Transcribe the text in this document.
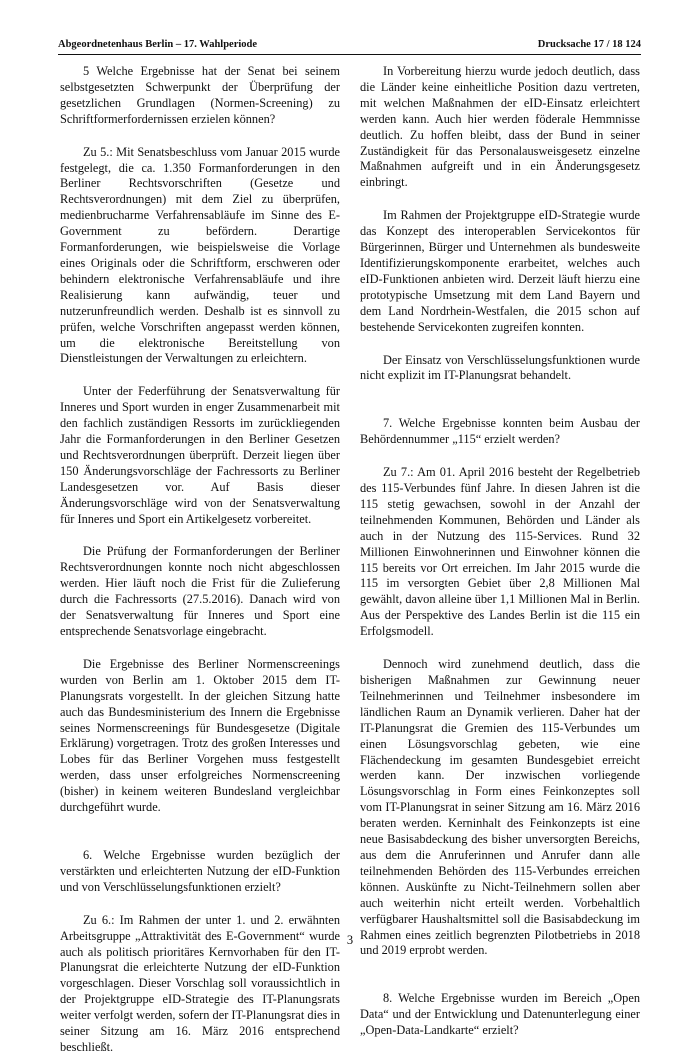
Abgeordnetenhaus Berlin – 17. Wahlperiode	Drucksache 17 / 18 124

5 Welche Ergebnisse hat der Senat bei seinem selbstgesetzten Schwerpunkt der Überprüfung der gesetzlichen Grundlagen (Normen-Screening) zu Schriftformerfordernissen erzielen können?

Zu 5.: Mit Senatsbeschluss vom Januar 2015 wurde festgelegt, die ca. 1.350 Formanforderungen in den Berliner Rechtsvorschriften (Gesetze und Rechtsverordnungen) mit dem Ziel zu überprüfen, medienbrucharme Verfahrensabläufe im Sinne des E-Government zu befördern. Derartige Formanforderungen, wie beispielsweise die Vorlage eines Originals oder die Schriftform, erschweren oder behindern elektronische Verfahrensabläufe und ihre Realisierung kann aufwändig, teuer und nutzerunfreundlich werden. Deshalb ist es sinnvoll zu prüfen, welche Vorschriften angepasst werden können, um die elektronische Bereitstellung von Dienstleistungen der Verwaltungen zu erleichtern.

Unter der Federführung der Senatsverwaltung für Inneres und Sport wurden in enger Zusammenarbeit mit den fachlich zuständigen Ressorts im zurückliegenden Jahr die Formanforderungen in den Berliner Gesetzen und Rechtsverordnungen überprüft. Derzeit liegen über 150 Änderungsvorschläge der Fachressorts zu Berliner Landesgesetzen vor. Auf Basis dieser Änderungsvorschläge wird von der Senatsverwaltung für Inneres und Sport ein Artikelgesetz vorbereitet.

Die Prüfung der Formanforderungen der Berliner Rechtsverordnungen konnte noch nicht abgeschlossen werden. Hier läuft noch die Frist für die Zulieferung durch die Fachressorts (27.5.2016). Danach wird von der Senatsverwaltung für Inneres und Sport eine entsprechende Senatsvorlage eingebracht.

Die Ergebnisse des Berliner Normenscreenings wurden von Berlin am 1. Oktober 2015 dem IT-Planungsrats vorgestellt. In der gleichen Sitzung hatte auch das Bundesministerium des Innern die Ergebnisse seines Normenscreenings für Bundesgesetze (Digitale Erklärung) vorgetragen. Trotz des großen Interesses und Lobes für das Berliner Vorgehen muss festgestellt werden, dass unser erfolgreiches Normenscreening (bisher) in keinem weiteren Bundesland vergleichbar durchgeführt wurde.

6. Welche Ergebnisse wurden bezüglich der verstärkten und erleichterten Nutzung der eID-Funktion und von Verschlüsselungsfunktionen erzielt?

Zu 6.: Im Rahmen der unter 1. und 2. erwähnten Arbeitsgruppe „Attraktivität des E-Government“ wurde auch als politisch prioritäres Kernvorhaben für den IT-Planungsrat die erleichterte Nutzung der eID-Funktion vorgeschlagen. Dieser Vorschlag soll voraussichtlich in der Projektgruppe eID-Strategie des IT-Planungsrats weiter verfolgt werden, sofern der IT-Planungsrat dies in seiner Sitzung am 16. März 2016 entsprechend beschließt.

In Vorbereitung hierzu wurde jedoch deutlich, dass die Länder keine einheitliche Position dazu vertreten, mit welchen Maßnahmen der eID-Einsatz erleichtert werden kann. Auch hier werden föderale Hemmnisse deutlich. Zu hoffen bleibt, dass der Bund in seiner Zuständigkeit für das Personalausweisgesetz einzelne Maßnahmen aufgreift und in ein Änderungsgesetz einbringt.

Im Rahmen der Projektgruppe eID-Strategie wurde das Konzept des interoperablen Servicekontos für Bürgerinnen, Bürger und Unternehmen als bundesweite Identifizierungskomponente erarbeitet, welches auch eID-Funktionen anbieten wird. Derzeit läuft hierzu eine prototypische Umsetzung mit dem Land Bayern und dem Land Nordrhein-Westfalen, die 2015 schon auf bestehende Servicekonten zugreifen konnten.

Der Einsatz von Verschlüsselungsfunktionen wurde nicht explizit im IT-Planungsrat behandelt.

7. Welche Ergebnisse konnten beim Ausbau der Behördennummer „115“ erzielt werden?

Zu 7.: Am 01. April 2016 besteht der Regelbetrieb des 115-Verbundes fünf Jahre. In diesen Jahren ist die 115 stetig gewachsen, sowohl in der Anzahl der teilnehmenden Kommunen, Behörden und Länder als auch in der Nutzung des 115-Services. Rund 32 Millionen Einwohnerinnen und Einwohner können die 115 bereits vor Ort erreichen. Im Jahr 2015 wurde die 115 im versorgten Gebiet über 2,8 Millionen Mal gewählt, davon alleine über 1,1 Millionen Mal in Berlin. Aus der Perspektive des Landes Berlin ist die 115 ein Erfolgsmodell.

Dennoch wird zunehmend deutlich, dass die bisherigen Maßnahmen zur Gewinnung neuer Teilnehmerinnen und Teilnehmer insbesondere im ländlichen Raum an Dynamik verlieren. Daher hat der IT-Planungsrat die Gremien des 115-Verbundes um einen Lösungsvorschlag gebeten, wie eine Flächendeckung im gesamten Bundesgebiet erreicht werden kann. Der inzwischen vorliegende Lösungsvorschlag in Form eines Feinkonzeptes soll vom IT-Planungsrat in seiner Sitzung am 16. März 2016 beraten werden. Kerninhalt des Feinkonzepts ist eine neue Basisabdeckung des bisher unversorgten Bereichs, aus dem die Anruferinnen und Anrufer dann alle teilnehmenden Behörden des 115-Verbundes erreichen können. Auskünfte zu Nicht-Teilnehmern sollen aber auch weiterhin nicht erteilt werden. Vorbehaltlich verfügbarer Haushaltsmittel soll die Basisabdeckung im Rahmen eines zeitlich begrenzten Pilotbetriebs in 2018 und 2019 erprobt werden.

8. Welche Ergebnisse wurden im Bereich „Open Data“ und der Entwicklung und Datenunterlegung einer „Open-Data-Landkarte“ erzielt?

3
